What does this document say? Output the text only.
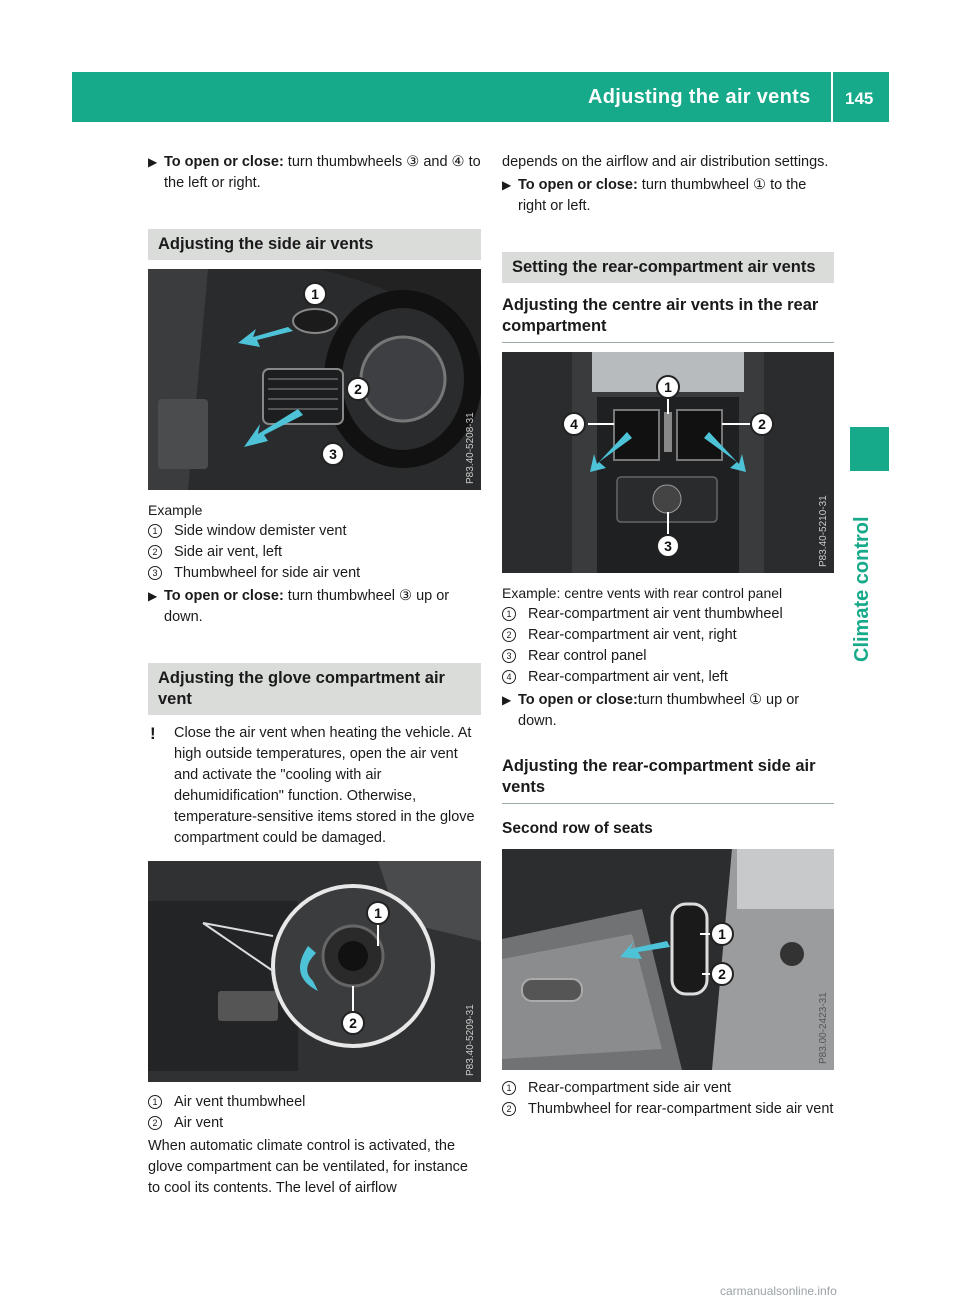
Adjusting the air vents 145
Climate control
▶ To open or close: turn thumbwheels ③ and ④ to the left or right.
Adjusting the side air vents
1
2
3	P83.40-5208-31

Example

1	Side window demister vent
2	Side air vent, left
3	Thumbwheel for side air vent
▶ To open or close: turn thumbwheel ③ up or down.
Adjusting the glove compartment air vent
! Close the air vent when heating the vehicle. At high outside temperatures, open the air vent and activate the "cooling with air dehumidification" function. Otherwise, temperature-sensitive items stored in the glove compartment could be damaged.
1
2	P83.40-5209-31
1	Air vent thumbwheel
2	Air vent

When automatic climate control is activated, the glove compartment can be ventilated, for instance to cool its contents. The level of airflow

depends on the airflow and air distribution settings.

▶ To open or close: turn thumbwheel ① to the right or left.
Setting the rear-compartment air vents
Adjusting the centre air vents in the rear compartment
1
2
3
4
P83.40-5210-31

Example: centre vents with rear control panel

1	Rear-compartment air vent thumbwheel
2	Rear-compartment air vent, right
3	Rear control panel
4	Rear-compartment air vent, left
▶ To open or close:turn thumbwheel ① up or down.
Adjusting the rear-compartment side air vents
Second row of seats
1
2
P83.00-2423-31
1	Rear-compartment side air vent
2	Thumbwheel for rear-compartment side air vent
carmanualsonline.info
